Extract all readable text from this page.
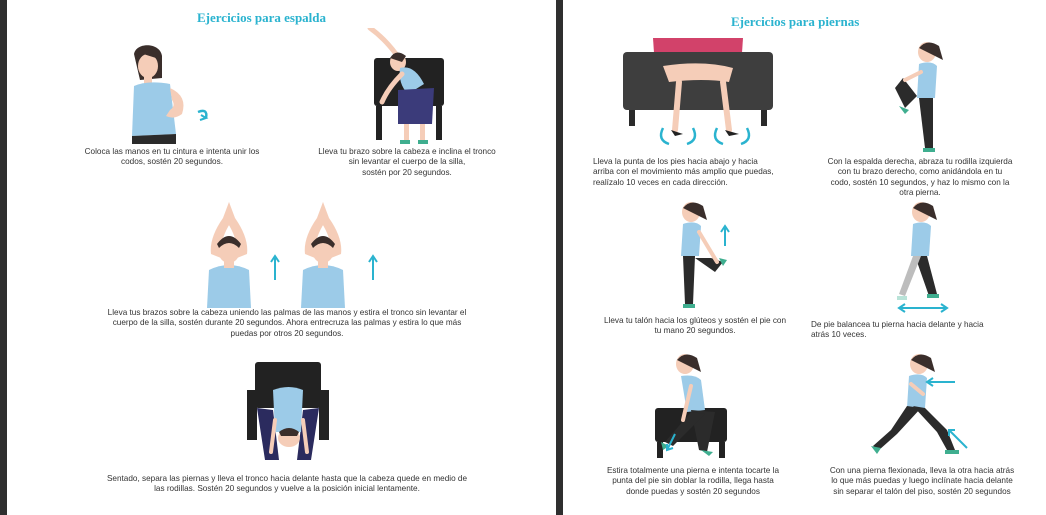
Ejercicios para espalda
Coloca las manos en tu cintura e intenta unir los
codos, sostén 20 segundos.
Lleva tu brazo sobre la cabeza e inclina el tronco
sin levantar el cuerpo de la silla,
sostén por 20 segundos.
Lleva tus brazos sobre la cabeza uniendo las palmas de las manos y estira el tronco sin levantar el
cuerpo de la silla, sostén durante 20 segundos. Ahora entrecruza las palmas y estira lo que más
puedas por otros 20 segundos.
Sentado, separa las piernas y lleva el tronco hacia delante hasta que la cabeza quede en medio de
las rodillas. Sostén 20 segundos y vuelve a la posición inicial lentamente.
Ejercicios para piernas
Lleva la punta de los pies hacia abajo y hacia
arriba con el movimiento más amplio que puedas,
realízalo 10 veces en cada dirección.
Con la espalda derecha, abraza tu rodilla izquierda
con tu brazo derecho, como anidándola en tu
codo, sostén 10 segundos, y haz lo mismo con la
otra pierna.
Lleva tu talón hacia los glúteos y sostén el pie con
tu mano 20 segundos.
De pie balancea tu pierna hacia delante y hacia
atrás 10 veces.
Estira totalmente una pierna e intenta tocarte la
punta del pie sin doblar la rodilla, llega hasta
donde puedas y sostén 20 segundos
Con una pierna flexionada, lleva la otra hacia atrás
lo que más puedas y luego inclínate hacia delante
sin separar el talón del piso, sostén 20 segundos
